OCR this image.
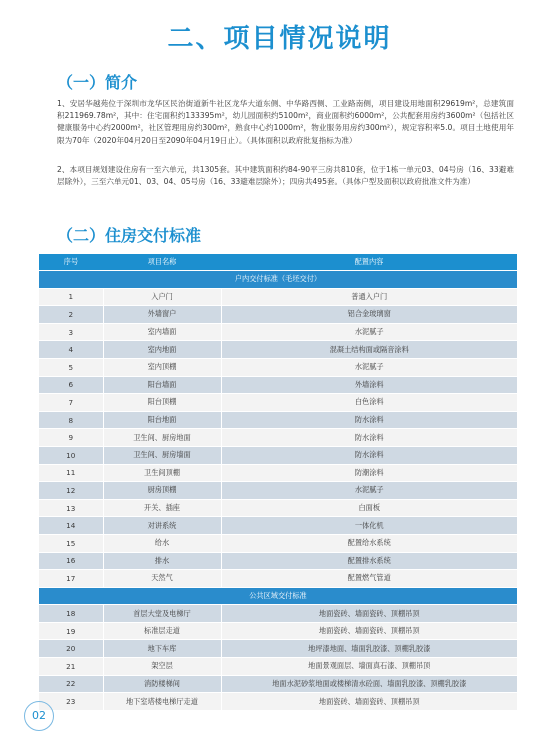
二、项目情况说明
（一）简介
1、安居华越苑位于深圳市龙华区民治街道新牛社区龙华大道东侧、中华路西侧、工业路南侧，项目建设用地面积29619m²，总建筑面积211969.78m²，其中：住宅面积约133395m²，幼儿园面积约5100m²，商业面积约6000m²，公共配套用房约3600m²（包括社区健康服务中心约2000m²，社区管理用房约300m²，熟食中心约1000m²，物业服务用房约300m²），规定容积率5.0。项目土地使用年限为70年（2020年04月20日至2090年04月19日止）。（具体面积以政府批复指标为准）
2、本项目规划建设住房有一至六单元，共1305套。其中建筑面积约84-90平三房共810套，位于1栋一单元03、04号房（16、33避难层除外），三至六单元01、03、04、05号房（16、33避难层除外）；四房共495套。（具体户型及面积以政府批准文件为准）
（二）住房交付标准
序号	项目名称	配置内容
户内交付标准（毛坯交付）		
1	入户门	普通入户门
2	外墙窗户	铝合金玻璃窗
3	室内墙面	水泥腻子
4	室内地面	混凝土结构面或隔音涂料
5	室内顶棚	水泥腻子
6	阳台墙面	外墙涂料
7	阳台顶棚	白色涂料
8	阳台地面	防水涂料
9	卫生间、厨房地面	防水涂料
10	卫生间、厨房墙面	防水涂料
11	卫生间顶棚	防潮涂料
12	厨房顶棚	水泥腻子
13	开关、插座	白面板
14	对讲系统	一体化机
15	给水	配置给水系统
16	排水	配置排水系统
17	天然气	配置燃气管道
公共区域交付标准		
18	首层大堂及电梯厅	地面瓷砖、墙面瓷砖、顶棚吊顶
19	标准层走道	地面瓷砖、墙面瓷砖、顶棚吊顶
20	地下车库	地坪漆地面、墙面乳胶漆、顶棚乳胶漆
21	架空层	地面景观面层、墙面真石漆、顶棚吊顶
22	消防楼梯间	地面水泥砂浆地面或楼梯清水砼面、墙面乳胶漆、顶棚乳胶漆
23	地下室塔楼电梯厅走道	地面瓷砖、墙面瓷砖、顶棚吊顶
02
